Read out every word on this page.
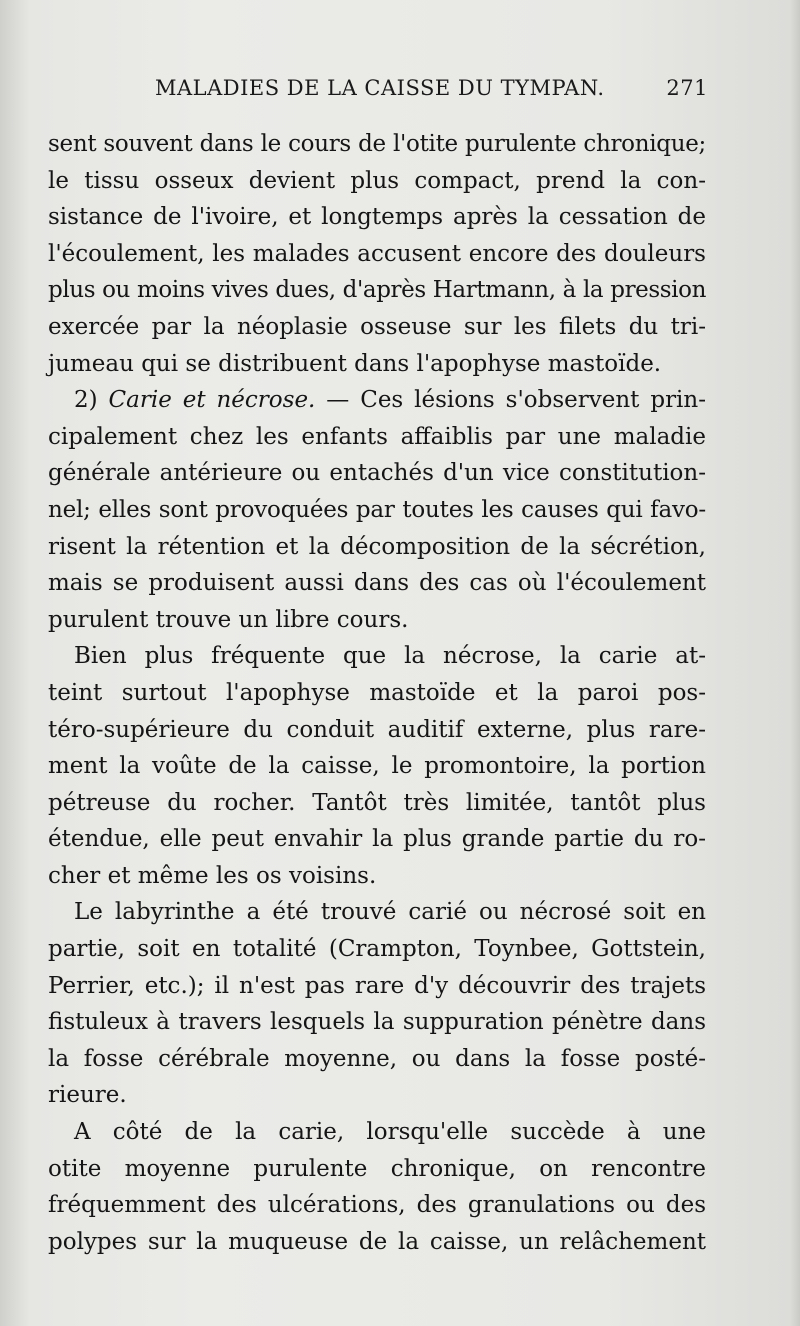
MALADIES DE LA CAISSE DU TYMPAN.	271
sent souvent dans le cours de l'otite purulente chronique;
le tissu osseux devient plus compact, prend la con-
sistance de l'ivoire, et longtemps après la cessation de
l'écoulement, les malades accusent encore des douleurs
plus ou moins vives dues, d'après Hartmann, à la pression
exercée par la néoplasie osseuse sur les filets du tri-
jumeau qui se distribuent dans l'apophyse mastoïde.
2) Carie et nécrose. — Ces lésions s'observent prin-
cipalement chez les enfants affaiblis par une maladie
générale antérieure ou entachés d'un vice constitution-
nel; elles sont provoquées par toutes les causes qui favo-
risent la rétention et la décomposition de la sécrétion,
mais se produisent aussi dans des cas où l'écoulement
purulent trouve un libre cours.
Bien plus fréquente que la nécrose, la carie at-
teint surtout l'apophyse mastoïde et la paroi pos-
téro-supérieure du conduit auditif externe, plus rare-
ment la voûte de la caisse, le promontoire, la portion
pétreuse du rocher. Tantôt très limitée, tantôt plus
étendue, elle peut envahir la plus grande partie du ro-
cher et même les os voisins.
Le labyrinthe a été trouvé carié ou nécrosé soit en
partie, soit en totalité (Crampton, Toynbee, Gottstein,
Perrier, etc.); il n'est pas rare d'y découvrir des trajets
fistuleux à travers lesquels la suppuration pénètre dans
la fosse cérébrale moyenne, ou dans la fosse posté-
rieure.
A côté de la carie, lorsqu'elle succède à une
otite moyenne purulente chronique, on rencontre
fréquemment des ulcérations, des granulations ou des
polypes sur la muqueuse de la caisse, un relâchement
